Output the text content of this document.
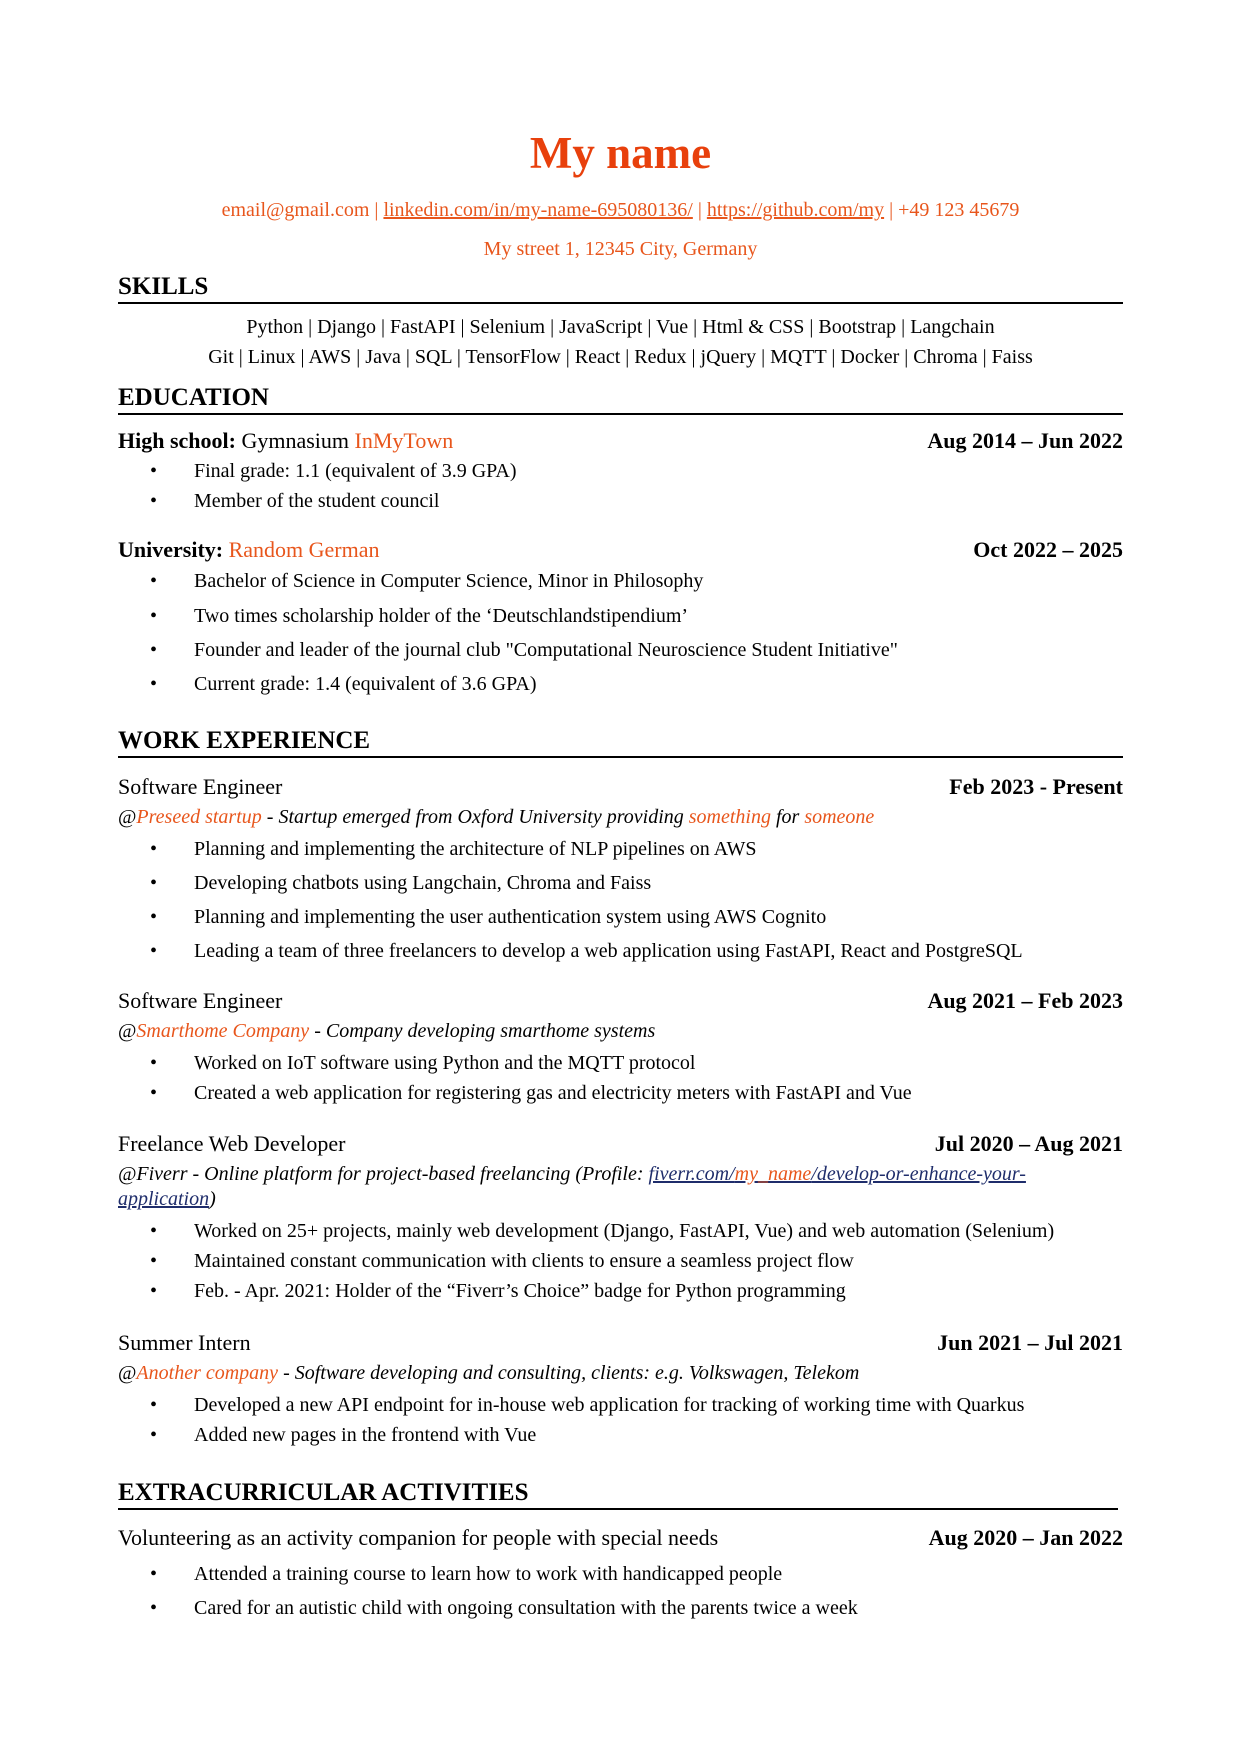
My name
email@gmail.com | linkedin.com/in/my-name-695080136/ | https://github.com/my | +49 123 45679
My street 1, 12345 City, Germany
SKILLS
Python | Django | FastAPI | Selenium | JavaScript | Vue | Html & CSS | Bootstrap | Langchain
Git | Linux | AWS | Java | SQL | TensorFlow | React | Redux | jQuery | MQTT | Docker | Chroma | Faiss
EDUCATION
High school: Gymnasium InMyTown	Aug 2014 – Jun 2022
• Final grade: 1.1 (equivalent of 3.9 GPA)
• Member of the student council
University: Random German	Oct 2022 – 2025
• Bachelor of Science in Computer Science, Minor in Philosophy
• Two times scholarship holder of the ‘Deutschlandstipendium’
• Founder and leader of the journal club "Computational Neuroscience Student Initiative"
• Current grade: 1.4 (equivalent of 3.6 GPA)
WORK EXPERIENCE
Software Engineer	Feb 2023 - Present
@Preseed startup - Startup emerged from Oxford University providing something for someone
• Planning and implementing the architecture of NLP pipelines on AWS
• Developing chatbots using Langchain, Chroma and Faiss
• Planning and implementing the user authentication system using AWS Cognito
• Leading a team of three freelancers to develop a web application using FastAPI, React and PostgreSQL
Software Engineer	Aug 2021 – Feb 2023
@Smarthome Company - Company developing smarthome systems
• Worked on IoT software using Python and the MQTT protocol
• Created a web application for registering gas and electricity meters with FastAPI and Vue
Freelance Web Developer	Jul 2020 – Aug 2021
@Fiverr - Online platform for project-based freelancing (Profile: fiverr.com/my_name/develop-or-enhance-your-
application)
• Worked on 25+ projects, mainly web development (Django, FastAPI, Vue) and web automation (Selenium)
• Maintained constant communication with clients to ensure a seamless project flow
• Feb. - Apr. 2021: Holder of the “Fiverr’s Choice” badge for Python programming
Summer Intern	Jun 2021 – Jul 2021
@Another company - Software developing and consulting, clients: e.g. Volkswagen, Telekom
• Developed a new API endpoint for in-house web application for tracking of working time with Quarkus
• Added new pages in the frontend with Vue
EXTRACURRICULAR ACTIVITIES
Volunteering as an activity companion for people with special needs	Aug 2020 – Jan 2022
• Attended a training course to learn how to work with handicapped people
• Cared for an autistic child with ongoing consultation with the parents twice a week
